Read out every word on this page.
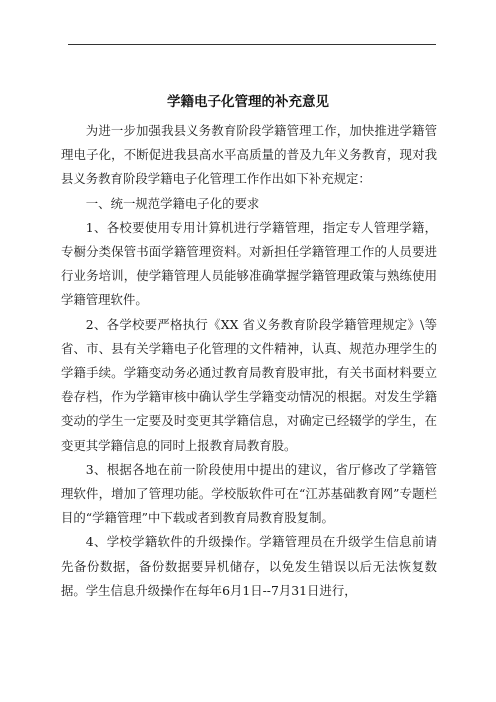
学籍电子化管理的补充意见

为进一步加强我县义务教育阶段学籍管理工作，加快推进学籍管理电子化，不断促进我县高水平高质量的普及九年义务教育，现对我县义务教育阶段学籍电子化管理工作作出如下补充规定：

一、统一规范学籍电子化的要求

1、各校要使用专用计算机进行学籍管理，指定专人管理学籍，专橱分类保管书面学籍管理资料。对新担任学籍管理工作的人员要进行业务培训，使学籍管理人员能够准确掌握学籍管理政策与熟练使用学籍管理软件。

2、各学校要严格执行《XX 省义务教育阶段学籍管理规定》\等省、市、县有关学籍电子化管理的文件精神，认真、规范办理学生的学籍手续。学籍变动务必通过教育局教育股审批，有关书面材料要立卷存档，作为学籍审核中确认学生学籍变动情况的根据。对发生学籍变动的学生一定要及时变更其学籍信息，对确定已经辍学的学生，在变更其学籍信息的同时上报教育局教育股。

3、根据各地在前一阶段使用中提出的建议，省厅修改了学籍管理软件，增加了管理功能。学校版软件可在“江苏基础教育网”专题栏目的“学籍管理”中下载或者到教育局教育股复制。

4、学校学籍软件的升级操作。学籍管理员在升级学生信息前请先备份数据，备份数据要异机储存，以免发生错误以后无法恢复数据。学生信息升级操作在每年6月1日--7月31日进行，
